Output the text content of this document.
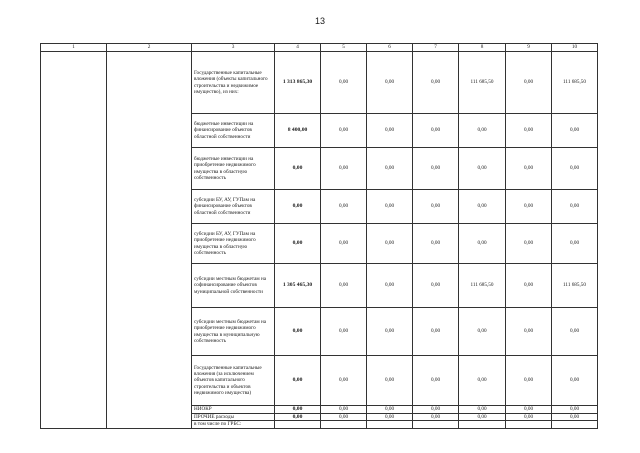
13
1	2	3	4	5	6	7	8	9	10
		Государственные капитальные вложения (объекты капитального строительства и недвижимое имущество), из них:	1 313 865,30	0,00	0,00	0,00	111 685,50	0,00	111 685,50
		бюджетные инвестиции на финансирование объектов областной собственности	8 400,00	0,00	0,00	0,00	0,00	0,00	0,00
		бюджетные инвестиции на приобретение недвижимого имущества в областную собственность	0,00	0,00	0,00	0,00	0,00	0,00	0,00
		субсидии БУ, АУ, ГУПам на финансирование объектов областной собственности	0,00	0,00	0,00	0,00	0,00	0,00	0,00
		субсидии БУ, АУ, ГУПам на приобретение недвижимого имущества в областную собственность	0,00	0,00	0,00	0,00	0,00	0,00	0,00
		субсидии местным бюджетам на софинансирование объектов муниципальной собственности	1 305 465,30	0,00	0,00	0,00	111 685,50	0,00	111 685,50
		субсидии местным бюджетам на приобретение недвижимого имущества в муниципальную собственность	0,00	0,00	0,00	0,00	0,00	0,00	0,00
		Государственные капитальные вложения (за исключением объектов капитального строительства и объектов недвижимого имущества)	0,00	0,00	0,00	0,00	0,00	0,00	0,00
		НИОКР	0,00	0,00	0,00	0,00	0,00	0,00	0,00
		ПРОЧИЕ расходы	0,00	0,00	0,00	0,00	0,00	0,00	0,00
		в том числе по ГРБС:							
